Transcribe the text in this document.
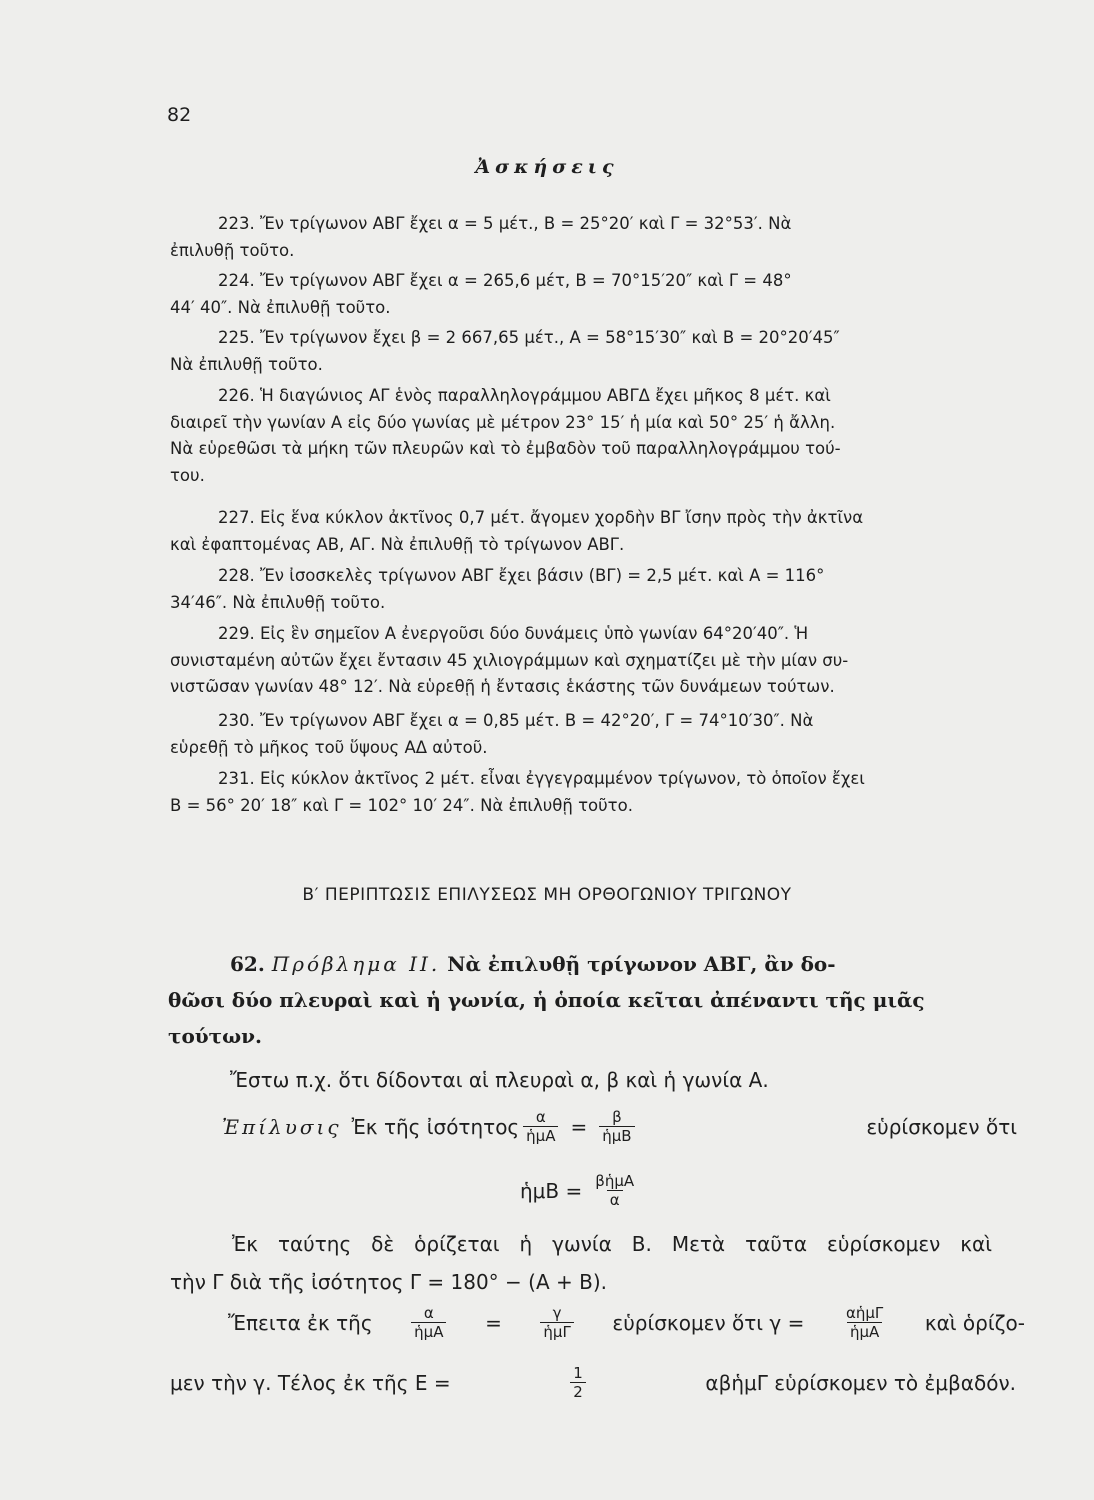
82
Ἀσκήσεις

223. Ἔν τρίγωνον ΑΒΓ ἔχει α = 5 μέτ., Β = 25°20′ καὶ Γ = 32°53′. Νὰ

ἐπιλυθῇ τοῦτο.

224. Ἔν τρίγωνον ΑΒΓ ἔχει α = 265,6 μέτ, Β = 70°15′20″ καὶ Γ = 48°

44′ 40″. Νὰ ἐπιλυθῇ τοῦτο.

225. Ἔν τρίγωνον ἔχει β = 2 667,65 μέτ., Α = 58°15′30″ καὶ Β = 20°20′45″

Νὰ ἐπιλυθῇ τοῦτο.

226. Ἡ διαγώνιος ΑΓ ἑνὸς παραλληλογράμμου ΑΒΓΔ ἔχει μῆκος 8 μέτ. καὶ

διαιρεῖ τὴν γωνίαν Α εἰς δύο γωνίας μὲ μέτρον 23° 15′ ἡ μία καὶ 50° 25′ ἡ ἄλλη.

Νὰ εὑρεθῶσι τὰ μήκη τῶν πλευρῶν καὶ τὸ ἐμβαδὸν τοῦ παραλληλογράμμου τού-

του.

227. Εἰς ἕνα κύκλον ἀκτῖνος 0,7 μέτ. ἄγομεν χορδὴν ΒΓ ἴσην πρὸς τὴν ἀκτῖνα

καὶ ἐφαπτομένας ΑΒ, ΑΓ. Νὰ ἐπιλυθῇ τὸ τρίγωνον ΑΒΓ.

228. Ἔν ἰσοσκελὲς τρίγωνον ΑΒΓ ἔχει βάσιν (ΒΓ) = 2,5 μέτ. καὶ Α = 116°

34′46″. Νὰ ἐπιλυθῇ τοῦτο.

229. Εἰς ἓν σημεῖον Α ἐνεργοῦσι δύο δυνάμεις ὑπὸ γωνίαν 64°20′40″. Ἡ

συνισταμένη αὐτῶν ἔχει ἔντασιν 45 χιλιογράμμων καὶ σχηματίζει μὲ τὴν μίαν συ-

νιστῶσαν γωνίαν 48° 12′. Νὰ εὑρεθῇ ἡ ἔντασις ἑκάστης τῶν δυνάμεων τούτων.

230. Ἔν τρίγωνον ΑΒΓ ἔχει α = 0,85 μέτ. Β = 42°20′, Γ = 74°10′30″. Νὰ

εὑρεθῇ τὸ μῆκος τοῦ ὕψους ΑΔ αὐτοῦ.

231. Εἰς κύκλον ἀκτῖνος 2 μέτ. εἶναι ἐγγεγραμμένον τρίγωνον, τὸ ὁποῖον ἔχει

Β = 56° 20′ 18″ καὶ Γ = 102° 10′ 24″. Νὰ ἐπιλυθῇ τοῦτο.

Β′ ΠΕΡΙΠΤΩΣΙΣ ΕΠΙΛΥΣΕΩΣ ΜΗ ΟΡΘΟΓΩΝΙΟΥ ΤΡΙΓΩΝΟΥ

62. Πρόβλημα ΙΙ. Νὰ ἐπιλυθῇ τρίγωνον ΑΒΓ, ἂν δο-

θῶσι δύο πλευραὶ καὶ ἡ γωνία, ἡ ὁποία κεῖται ἀπέναντι τῆς μιᾶς

τούτων.

Ἔστω π.χ. ὅτι δίδονται αἱ πλευραὶ α, β καὶ ἡ γωνία Α.
Ἐπίλυσις Ἐκ τῆς ἰσότητος $\frac{\alpha}{\text{ἡμΑ}} = \frac{\beta}{\text{ἡμΒ}}$	εὑρίσκομεν ὅτι
ἡμΒ = $\frac{\text{βἡμΑ}}{\alpha}$
Ἐκ ταύτης δὲ ὁρίζεται ἡ γωνία Β. Μετὰ ταῦτα εὑρίσκομεν καὶ
τὴν Γ διὰ τῆς ἰσότητος Γ = 180° − (Α + Β).
Ἔπειτα ἐκ τῆς	$\frac{\alpha}{\text{ἡμΑ}}$ =	$\frac{\gamma}{\text{ἡμΓ}}$ εὑρίσκομεν ὅτι γ =	$\frac{\text{αἡμΓ}}{\text{ἡμΑ}}$ καὶ ὁρίζο-
μεν τὴν γ. Τέλος ἐκ τῆς Ε =	$\frac{1}{2}$	αβἡμΓ εὑρίσκομεν τὸ ἐμβαδόν.
